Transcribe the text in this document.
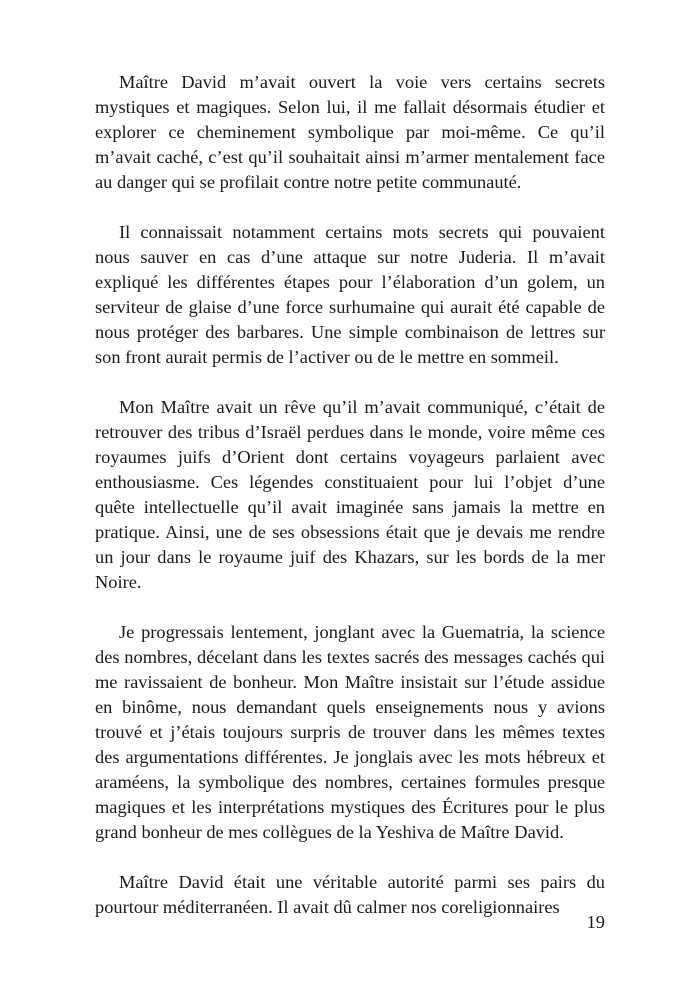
Maître David m’avait ouvert la voie vers certains secrets mystiques et magiques. Selon lui, il me fallait désormais étudier et explorer ce cheminement symbolique par moi-même. Ce qu’il m’avait caché, c’est qu’il souhaitait ainsi m’armer mentalement face au danger qui se profilait contre notre petite communauté.

Il connaissait notamment certains mots secrets qui pouvaient nous sauver en cas d’une attaque sur notre Juderia. Il m’avait expliqué les différentes étapes pour l’élaboration d’un golem, un serviteur de glaise d’une force surhumaine qui aurait été capable de nous protéger des barbares. Une simple combinaison de lettres sur son front aurait permis de l’activer ou de le mettre en sommeil.

Mon Maître avait un rêve qu’il m’avait communiqué, c’était de retrouver des tribus d’Israël perdues dans le monde, voire même ces royaumes juifs d’Orient dont certains voyageurs parlaient avec enthousiasme. Ces légendes constituaient pour lui l’objet d’une quête intellectuelle qu’il avait imaginée sans jamais la mettre en pratique. Ainsi, une de ses obsessions était que je devais me rendre un jour dans le royaume juif des Khazars, sur les bords de la mer Noire.

Je progressais lentement, jonglant avec la Guematria, la science des nombres, décelant dans les textes sacrés des messages cachés qui me ravissaient de bonheur. Mon Maître insistait sur l’étude assidue en binôme, nous demandant quels enseignements nous y avions trouvé et j’étais toujours surpris de trouver dans les mêmes textes des argumentations différentes. Je jonglais avec les mots hébreux et araméens, la symbolique des nombres, certaines formules presque magiques et les interprétations mystiques des Écritures pour le plus grand bonheur de mes collègues de la Yeshiva de Maître David.

Maître David était une véritable autorité parmi ses pairs du pourtour méditerranéen. Il avait dû calmer nos coreligionnaires

19
